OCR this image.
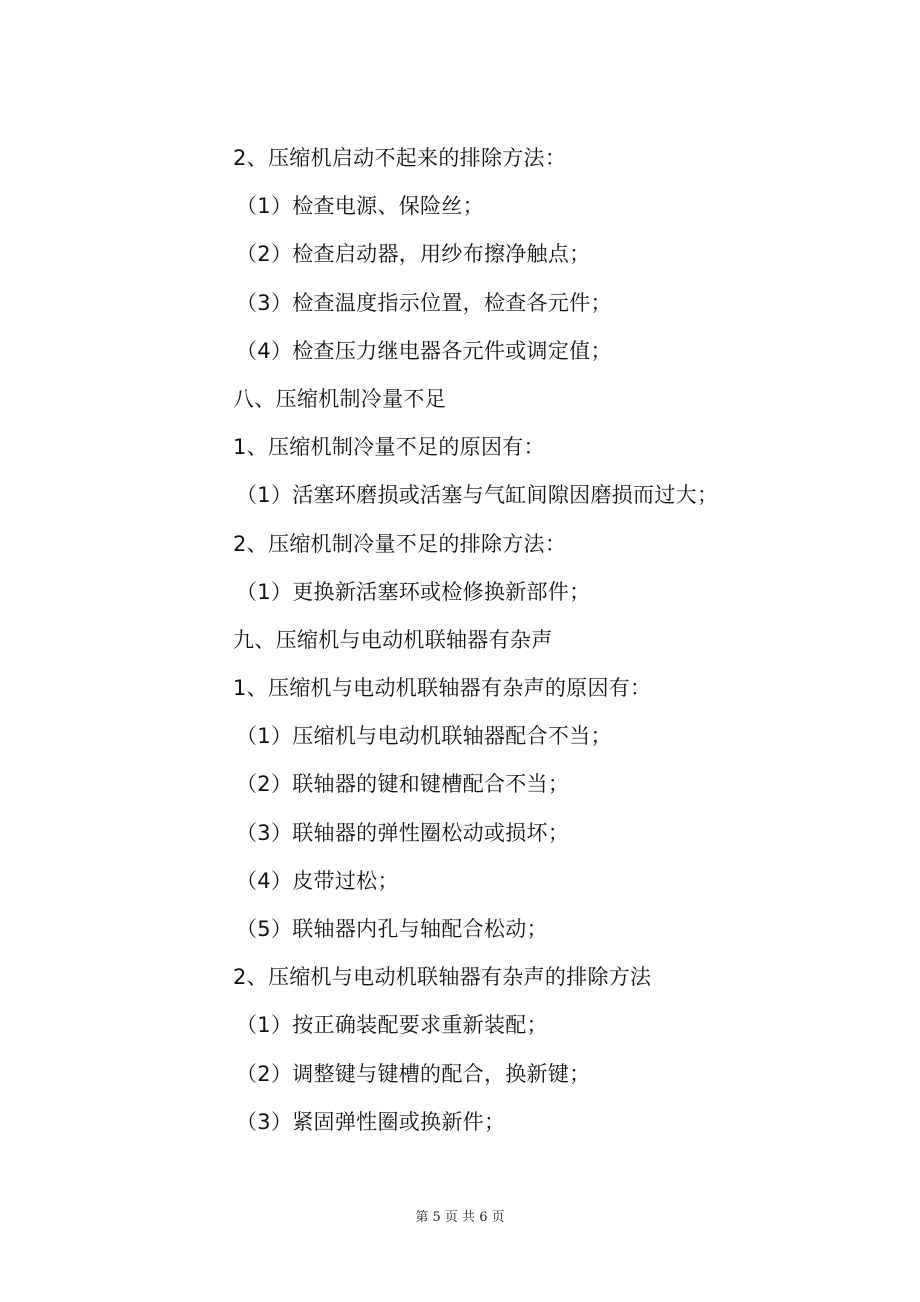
2、压缩机启动不起来的排除方法：
（1）检查电源、保险丝；
（2）检查启动器，用纱布擦净触点；
（3）检查温度指示位置，检查各元件；
（4）检查压力继电器各元件或调定值；
八、压缩机制冷量不足
1、压缩机制冷量不足的原因有：
（1）活塞环磨损或活塞与气缸间隙因磨损而过大；
2、压缩机制冷量不足的排除方法：
（1）更换新活塞环或检修换新部件；
九、压缩机与电动机联轴器有杂声
1、压缩机与电动机联轴器有杂声的原因有：
（1）压缩机与电动机联轴器配合不当；
（2）联轴器的键和键槽配合不当；
（3）联轴器的弹性圈松动或损坏；
（4）皮带过松；
（5）联轴器内孔与轴配合松动；
2、压缩机与电动机联轴器有杂声的排除方法
（1）按正确装配要求重新装配；
（2）调整键与键槽的配合，换新键；
（3）紧固弹性圈或换新件；
第 5 页 共 6 页
